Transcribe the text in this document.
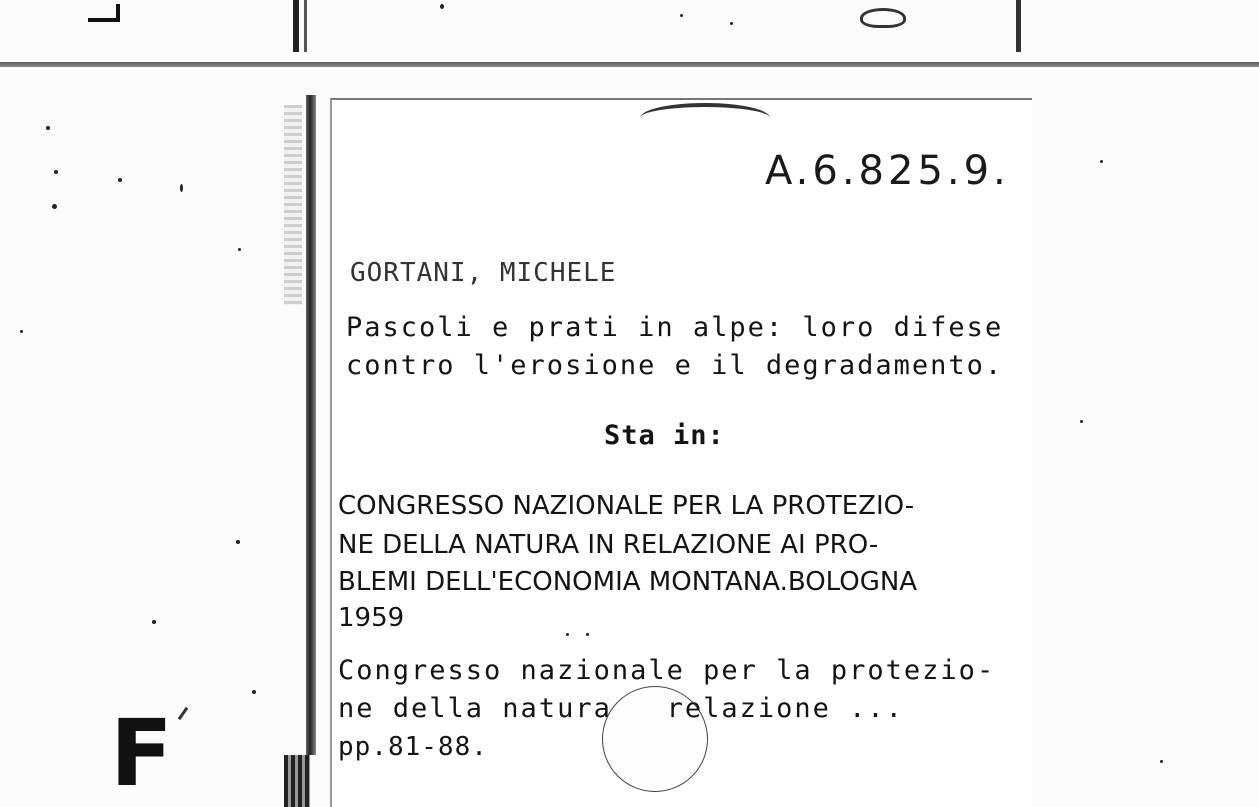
A.6.825.9.
GORTANI, MICHELE
Pascoli e prati in alpe: loro difese
contro l'erosione e il degradamento.
Sta in:
CONGRESSO NAZIONALE PER LA PROTEZIO-
NE DELLA NATURA IN RELAZIONE AI PRO-
BLEMI DELL'ECONOMIA MONTANA.BOLOGNA
1959
Congresso nazionale per la protezio-
ne della natura   relazione ...
pp.81-88.
F
